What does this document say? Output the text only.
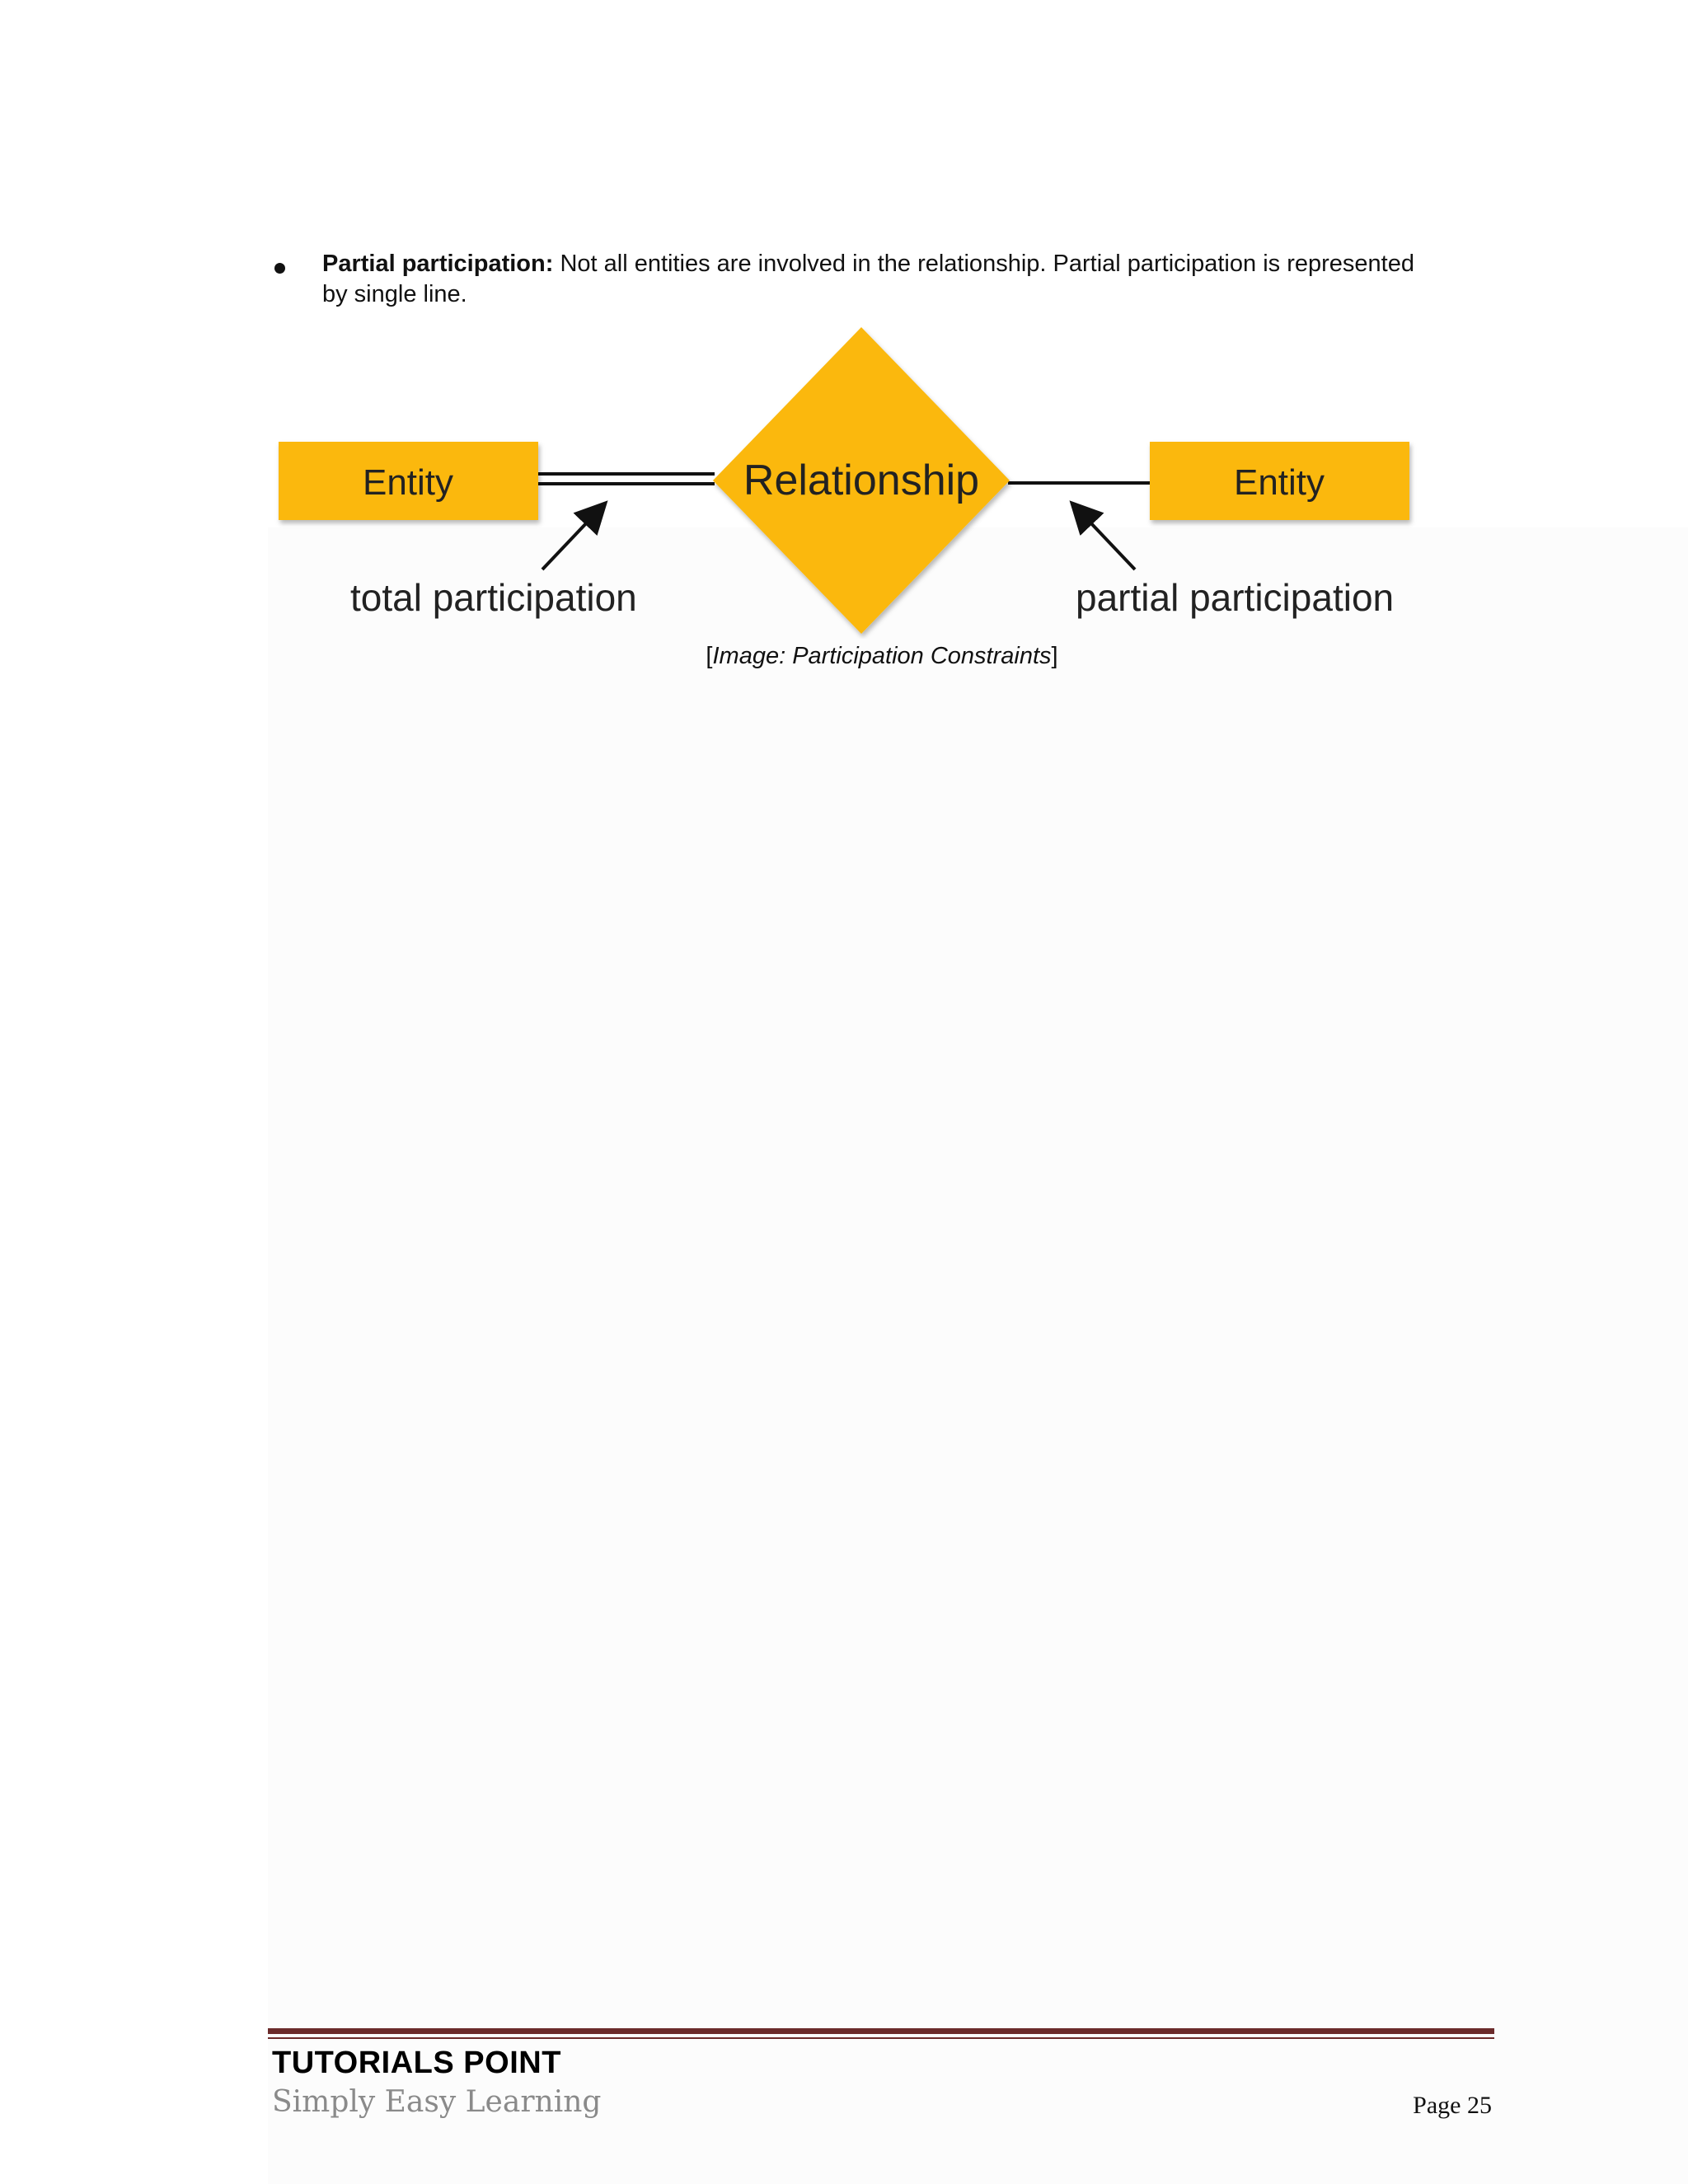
Partial participation: Not all entities are involved in the relationship. Partial participation is represented
by single line.
Entity	Relationship	Entity
total participation	partial participation
[Image: Participation Constraints]
TUTORIALS POINT
Simply Easy Learning	Page 25
